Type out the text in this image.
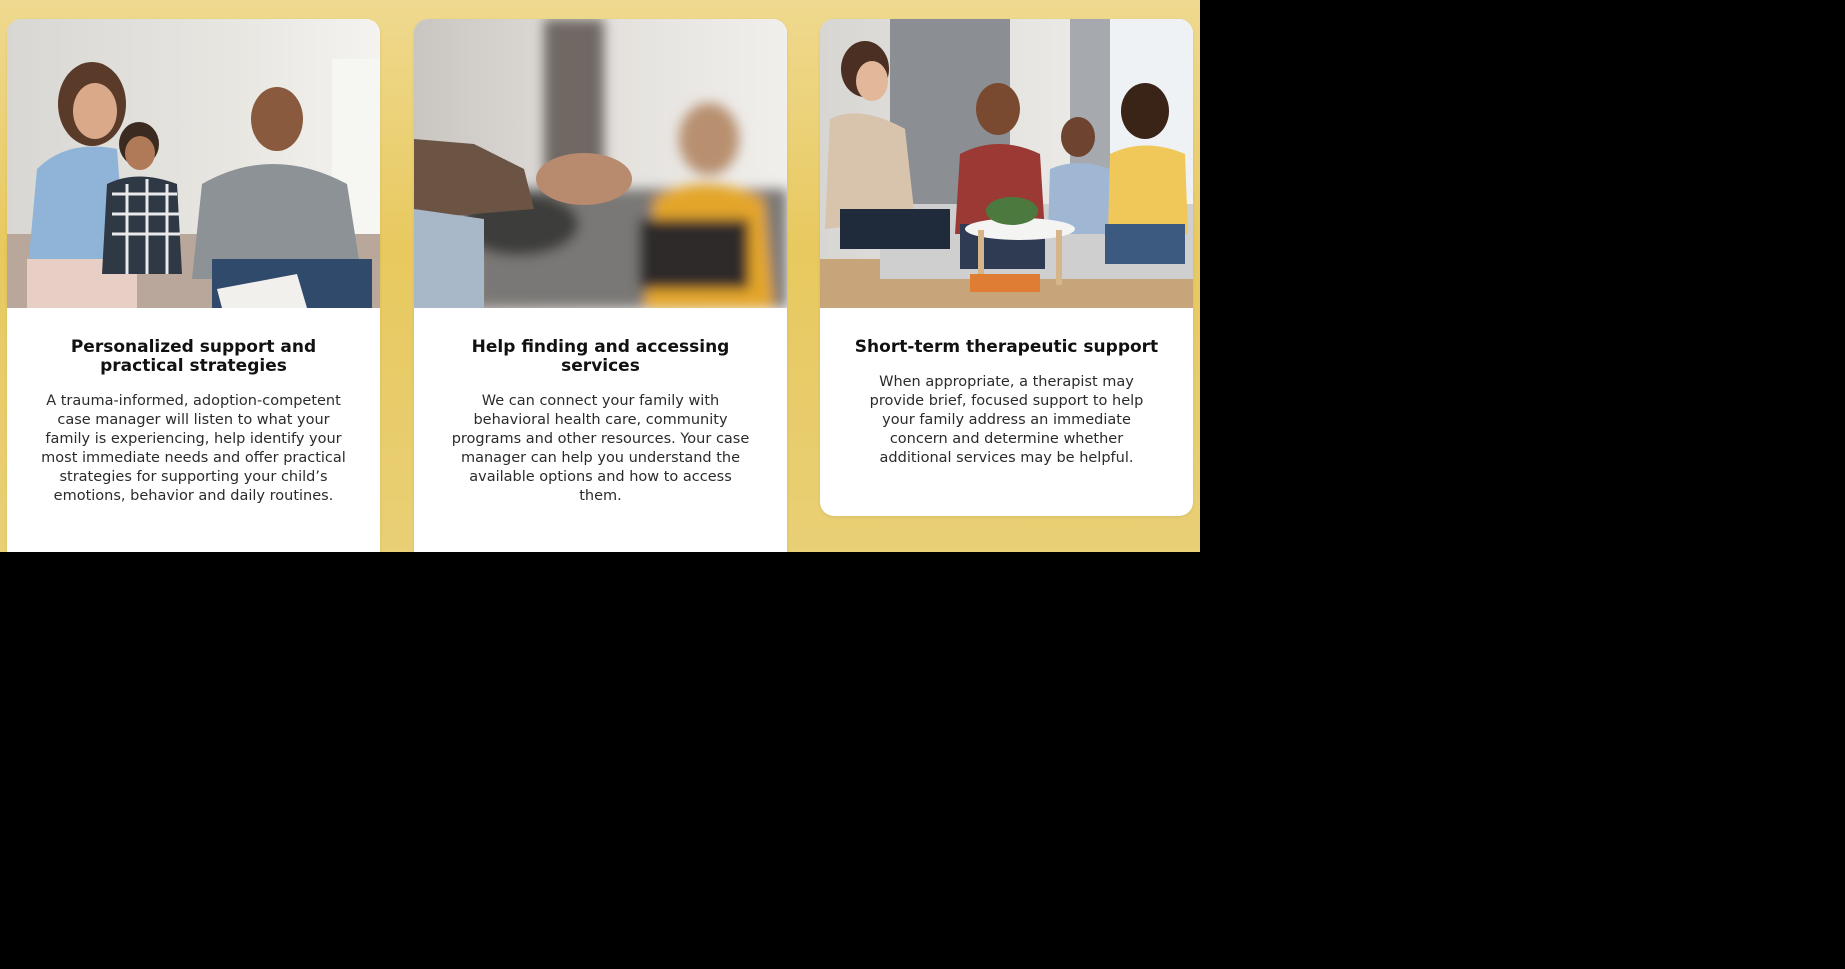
Personalized support and practical strategies

A trauma-informed, adoption-competent case manager will listen to what your family is experiencing, help identify your most immediate needs and offer practical strategies for supporting your child’s emotions, behavior and daily routines.

Help finding and accessing services

We can connect your family with behavioral health care, community programs and other resources. Your case manager can help you understand the available options and how to access them.

Short-term therapeutic support

When appropriate, a therapist may provide brief, focused support to help your family address an immediate concern and determine whether additional services may be helpful.
